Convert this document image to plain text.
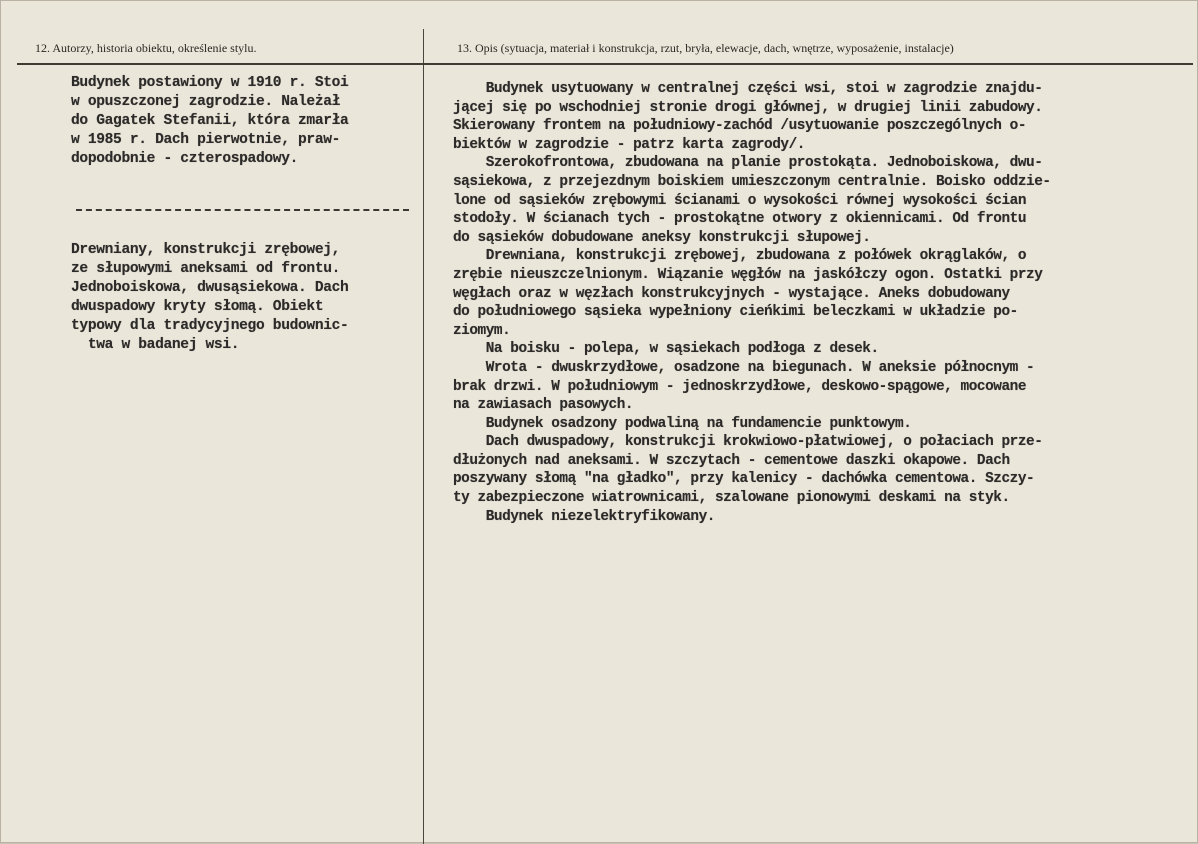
12. Autorzy, historia obiektu, określenie stylu.	13. Opis (sytuacja, materiał i konstrukcja, rzut, bryła, elewacje, dach, wnętrze, wyposażenie, instalacje)
Budynek postawiony w 1910 r. Stoi
w opuszczonej zagrodzie. Należał
do Gagatek Stefanii, która zmarła
w 1985 r. Dach pierwotnie, praw-
dopodobnie - czterospadowy.
Drewniany, konstrukcji zrębowej,
ze słupowymi aneksami od frontu.
Jednoboiskowa, dwusąsiekowa. Dach
dwuspadowy kryty słomą. Obiekt
typowy dla tradycyjnego budownic-
twa w badanej wsi.
Budynek usytuowany w centralnej części wsi, stoi w zagrodzie znajdu-
jącej się po wschodniej stronie drogi głównej, w drugiej linii zabudowy.
Skierowany frontem na południowy-zachód /usytuowanie poszczególnych o-
biektów w zagrodzie - patrz karta zagrody/.
Szerokofrontowa, zbudowana na planie prostokąta. Jednoboiskowa, dwu-
sąsiekowa, z przejezdnym boiskiem umieszczonym centralnie. Boisko oddzie-
lone od sąsieków zrębowymi ścianami o wysokości równej wysokości ścian
stodoły. W ścianach tych - prostokątne otwory z okiennicami. Od frontu
do sąsieków dobudowane aneksy konstrukcji słupowej.
Drewniana, konstrukcji zrębowej, zbudowana z połówek okrąglaków, o
zrębie nieuszczelnionym. Wiązanie węgłów na jaskółczy ogon. Ostatki przy
węgłach oraz w węzłach konstrukcyjnych - wystające. Aneks dobudowany
do południowego sąsieka wypełniony cieńkimi beleczkami w układzie po-
ziomym.
Na boisku - polepa, w sąsiekach podłoga z desek.
Wrota - dwuskrzydłowe, osadzone na biegunach. W aneksie północnym -
brak drzwi. W południowym - jednoskrzydłowe, deskowo-spągowe, mocowane
na zawiasach pasowych.
Budynek osadzony podwaliną na fundamencie punktowym.
Dach dwuspadowy, konstrukcji krokwiowo-płatwiowej, o połaciach prze-
dłużonych nad aneksami. W szczytach - cementowe daszki okapowe. Dach
poszywany słomą "na gładko", przy kalenicy - dachówka cementowa. Szczy-
ty zabezpieczone wiatrownicami, szalowane pionowymi deskami na styk.
Budynek niezelektryfikowany.
